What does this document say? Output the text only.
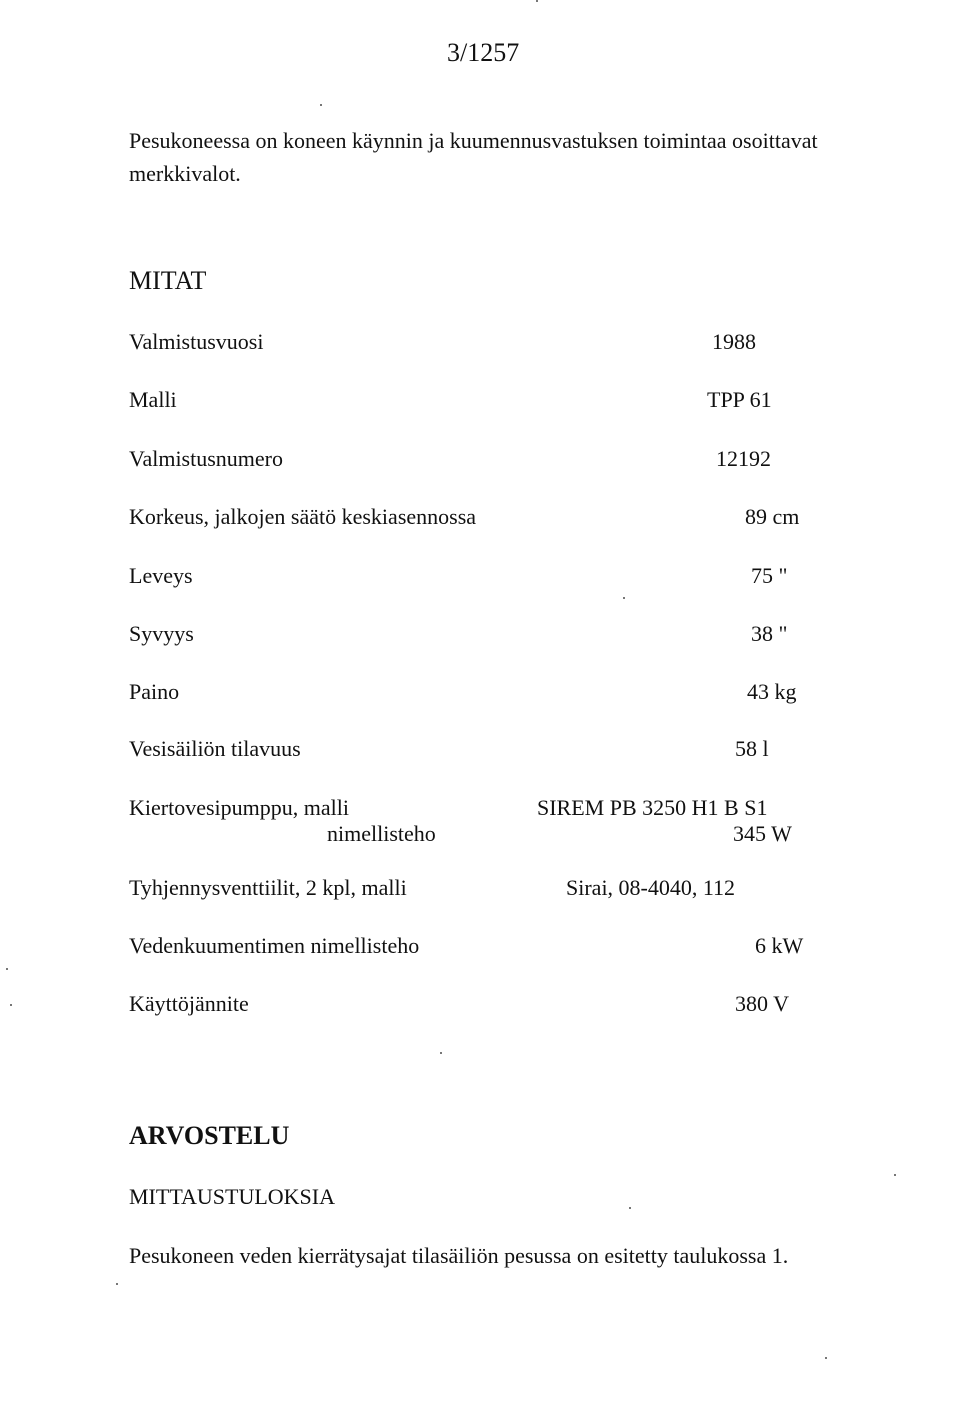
3/1257
Pesukoneessa on koneen käynnin ja kuumennusvastuksen toimintaa osoittavat merkkivalot.
MITAT
Valmistusvuosi	1988
Malli	TPP 61
Valmistusnumero	12192
Korkeus, jalkojen säätö keskiasennossa	89 cm
Leveys	75 "
Syvyys	38 "
Paino	43 kg
Vesisäiliön tilavuus	58 l
Kiertovesipumppu, malli	SIREM PB 3250 H1 B S1
nimellisteho	345 W
Tyhjennysventtiilit, 2 kpl, malli	Sirai, 08-4040, 112
Vedenkuumentimen nimellisteho	6 kW
Käyttöjännite	380 V
ARVOSTELU
MITTAUSTULOKSIA
Pesukoneen veden kierrätysajat tilasäiliön pesussa on esitetty taulukossa 1.
